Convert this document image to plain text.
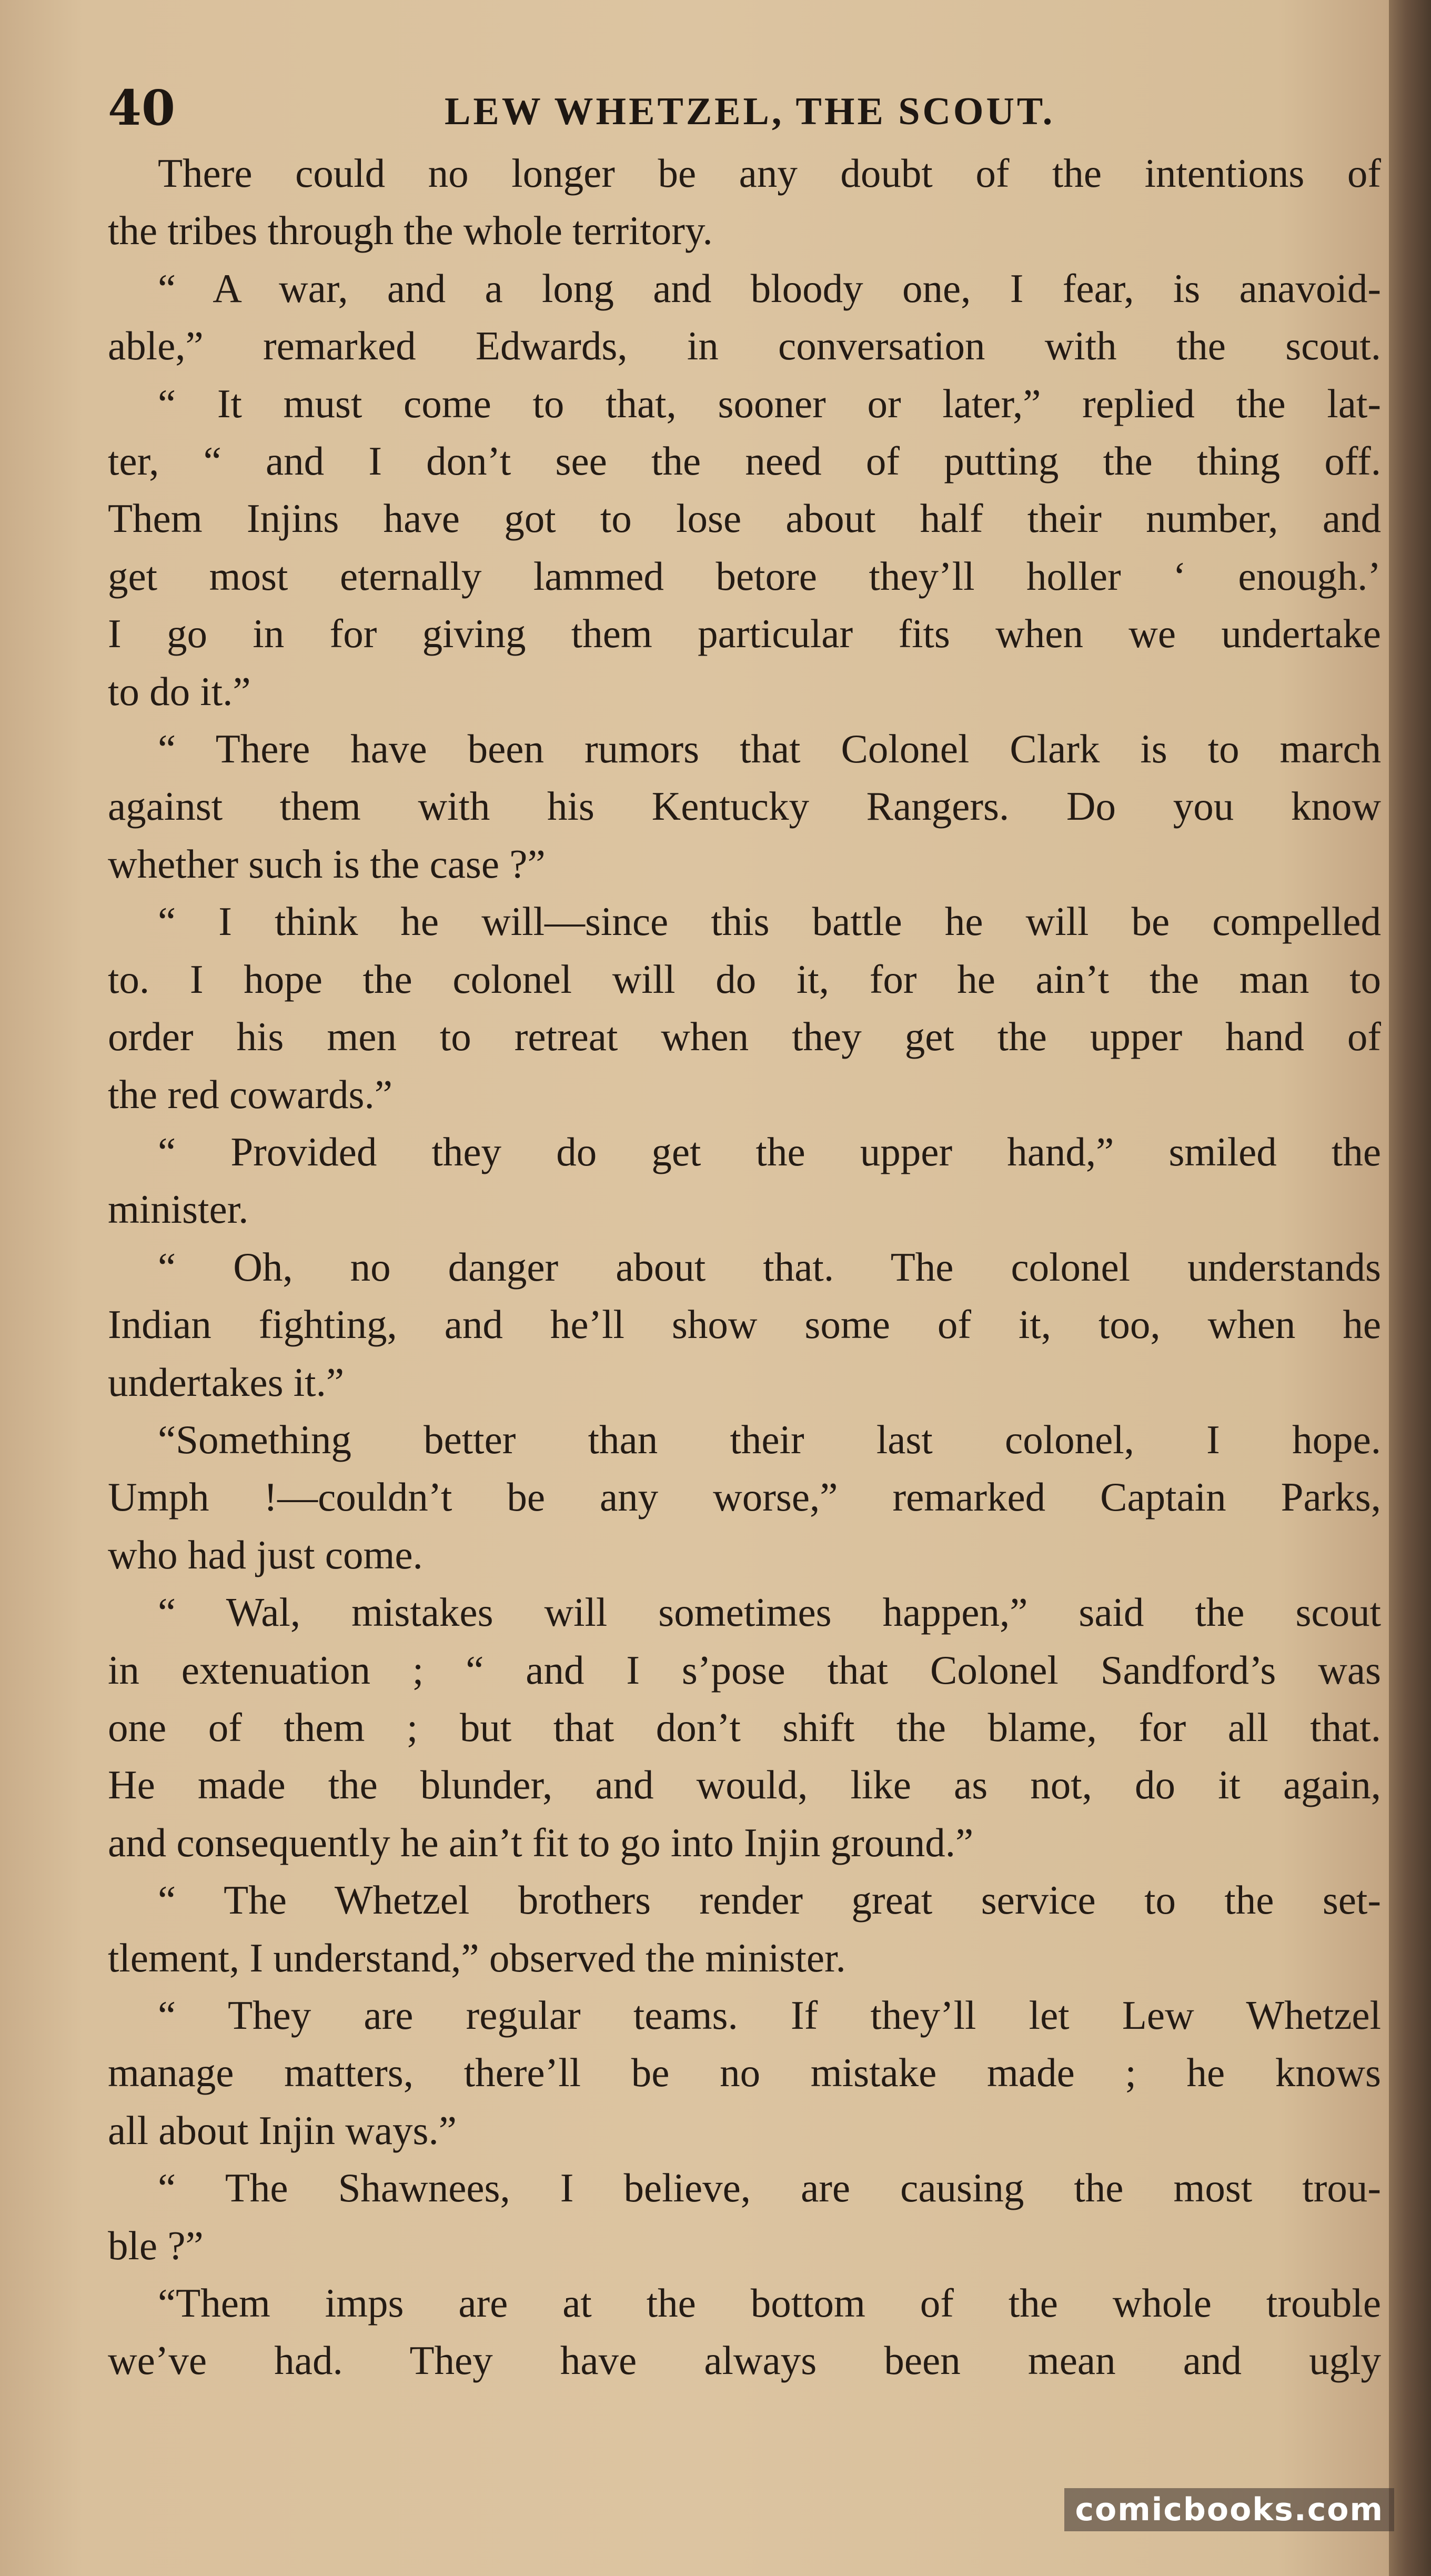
40	LEW WHETZEL, THE SCOUT.
There could no longer be any doubt of the intentions of
the tribes through the whole territory.
“ A war, and a long and bloody one, I fear, is anavoid-
able,” remarked Edwards, in conversation with the scout.
“ It must come to that, sooner or later,” replied the lat-
ter, “ and I don’t see the need of putting the thing off.
Them Injins have got to lose about half their number, and
get most eternally lammed betore they’ll holler ‘ enough.’
I go in for giving them particular fits when we undertake
to do it.”
“ There have been rumors that Colonel Clark is to march
against them with his Kentucky Rangers. Do you know
whether such is the case ?”
“ I think he will—since this battle he will be compelled
to. I hope the colonel will do it, for he ain’t the man to
order his men to retreat when they get the upper hand of
the red cowards.”
“ Provided they do get the upper hand,” smiled the
minister.
“ Oh, no danger about that. The colonel understands
Indian fighting, and he’ll show some of it, too, when he
undertakes it.”
“Something better than their last colonel, I hope.
Umph !—couldn’t be any worse,” remarked Captain Parks,
who had just come.
“ Wal, mistakes will sometimes happen,” said the scout
in extenuation ; “ and I s’pose that Colonel Sandford’s was
one of them ; but that don’t shift the blame, for all that.
He made the blunder, and would, like as not, do it again,
and consequently he ain’t fit to go into Injin ground.”
“ The Whetzel brothers render great service to the set-
tlement, I understand,” observed the minister.
“ They are regular teams. If they’ll let Lew Whetzel
manage matters, there’ll be no mistake made ; he knows
all about Injin ways.”
“ The Shawnees, I believe, are causing the most trou-
ble ?”
“Them imps are at the bottom of the whole trouble
we’ve had. They have always been mean and ugly
comicbooks.com
